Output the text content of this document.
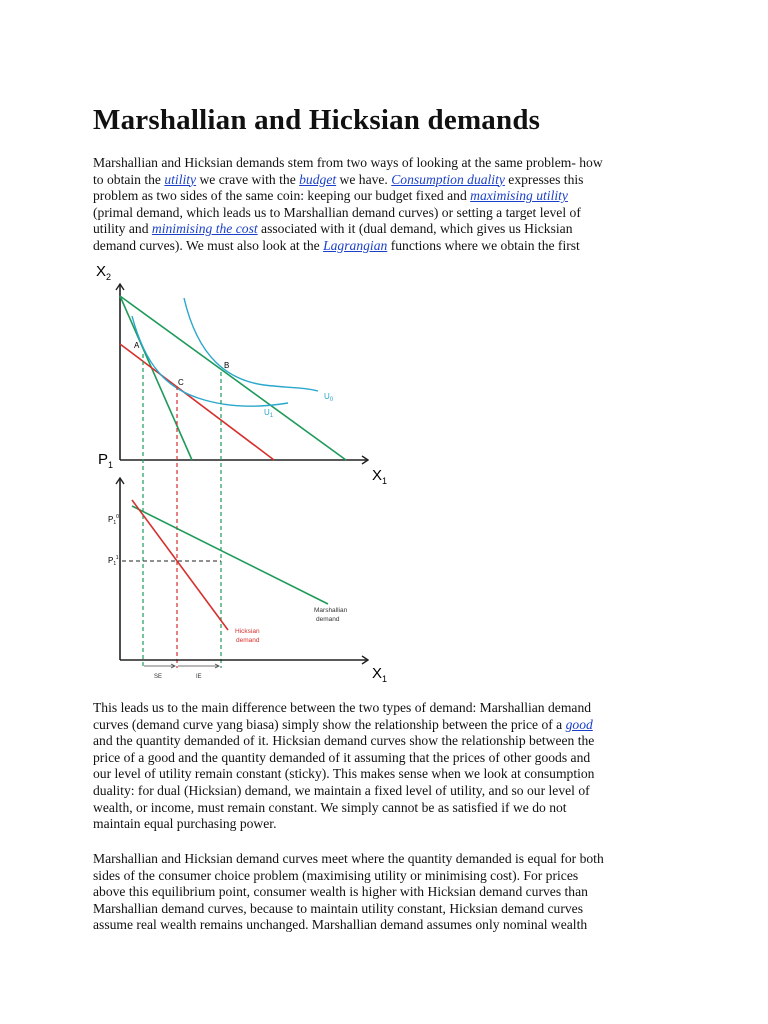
Marshallian and Hicksian demands
Marshallian and Hicksian demands stem from two ways of looking at the same problem- how
to obtain the utility we crave with the budget we have. Consumption duality expresses this
problem as two sides of the same coin: keeping our budget fixed and maximising utility
(primal demand, which leads us to Marshallian demand curves) or setting a target level of
utility and minimising the cost associated with it (dual demand, which gives us Hicksian
demand curves). We must also look at the Lagrangian functions where we obtain the first
$X_2$
$X_1$
$U_0$
$U_1$
A
B
C
$P_1$
$X_1$
$P_1^0$
$P_1^1$
Marshallian demand
Hicksian demand
SE	IE
This leads us to the main difference between the two types of demand: Marshallian demand
curves (demand curve yang biasa) simply show the relationship between the price of a good
and the quantity demanded of it. Hicksian demand curves show the relationship between the
price of a good and the quantity demanded of it assuming that the prices of other goods and
our level of utility remain constant (sticky). This makes sense when we look at consumption
duality: for dual (Hicksian) demand, we maintain a fixed level of utility, and so our level of
wealth, or income, must remain constant. We simply cannot be as satisfied if we do not
maintain equal purchasing power.
Marshallian and Hicksian demand curves meet where the quantity demanded is equal for both
sides of the consumer choice problem (maximising utility or minimising cost). For prices
above this equilibrium point, consumer wealth is higher with Hicksian demand curves than
Marshallian demand curves, because to maintain utility constant, Hicksian demand curves
assume real wealth remains unchanged. Marshallian demand assumes only nominal wealth
